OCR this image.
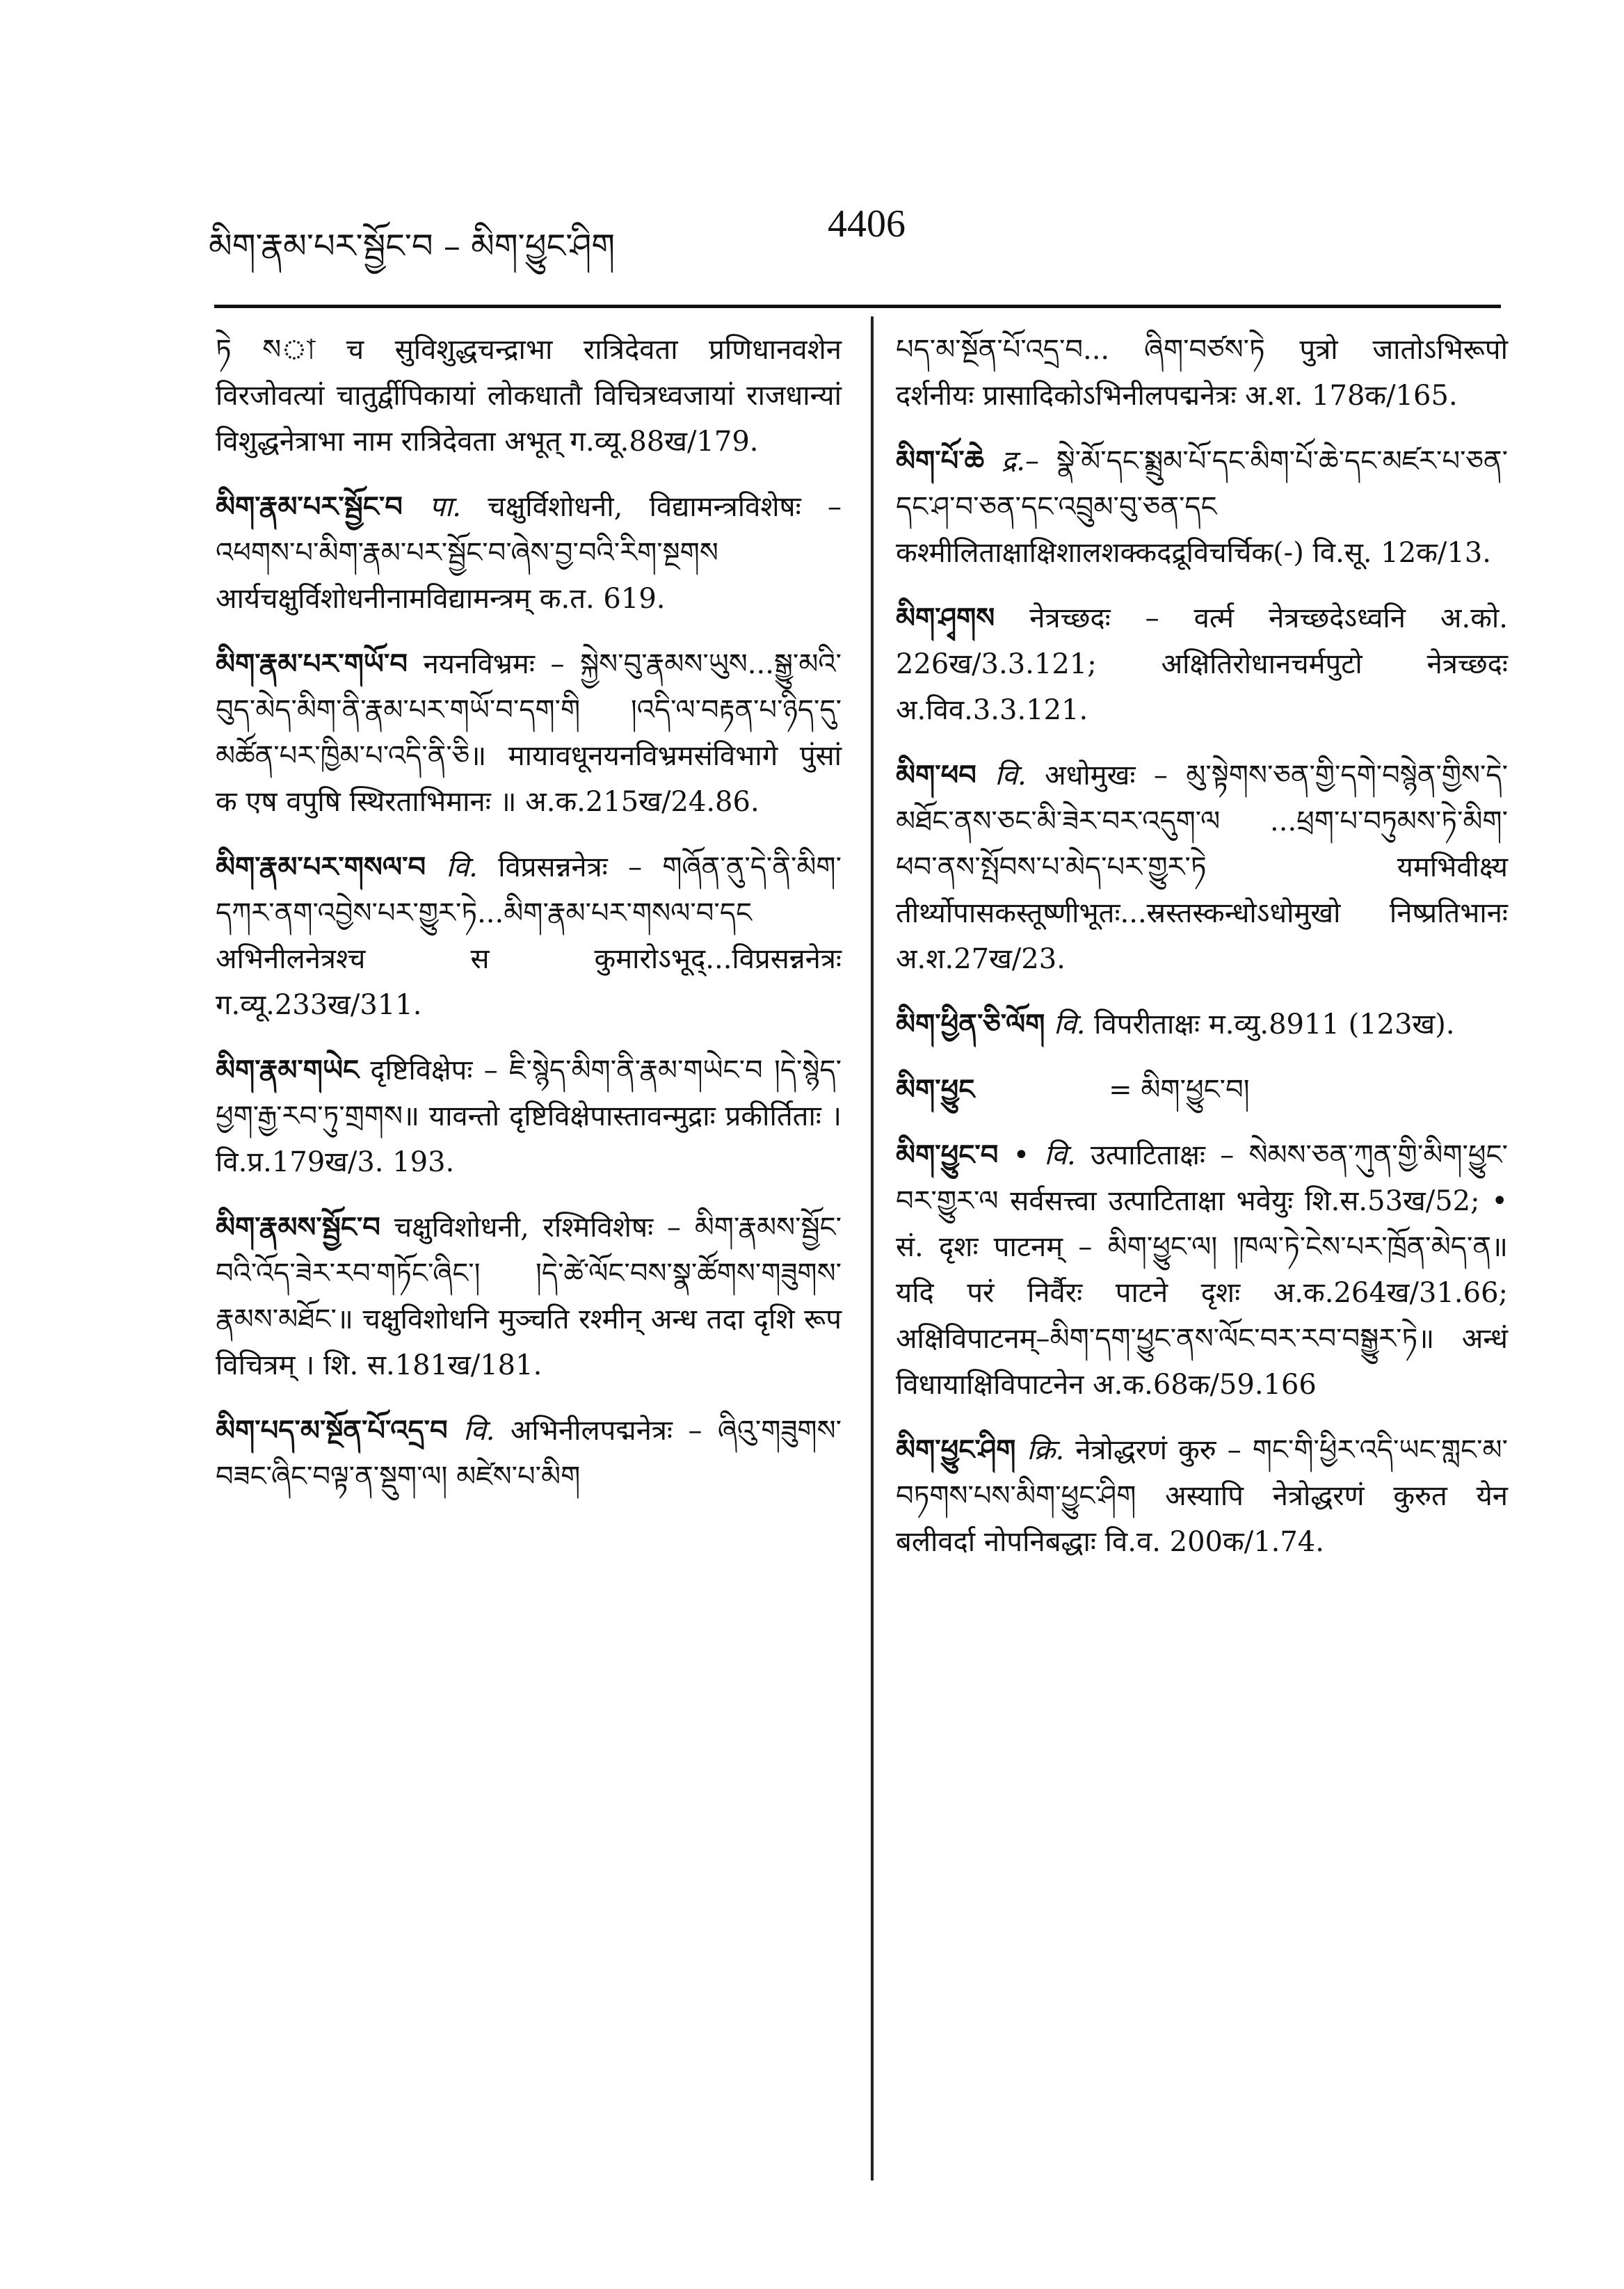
མིག་རྣམ་པར་སྦྱོང་བ – མིག་ཕྱུང་ཤིག
4406
ཏེ སা च सुविशुद्धचन्द्राभा रात्रिदेवता प्रणिधानवशेन विरजोवत्यां चातुर्द्वीपिकायां लोकधातौ विचित्रध्वजायां राजधान्यां विशुद्धनेत्राभा नाम रात्रिदेवता अभूत् ग.व्यू.88ख/179.
མིག་རྣམ་པར་སྦྱོང་བ पा. चक्षुर्विशोधनी, विद्यामन्त्रविशेषः – འཕགས་པ་མིག་རྣམ་པར་སྦྱོང་བ་ཞེས་བྱ་བའི་རིག་སྔགས आर्यचक्षुर्विशोधनीनामविद्यामन्त्रम् क.त. 619.
མིག་རྣམ་པར་གཡོ་བ नयनविभ्रमः – སྐྱེས་བུ་རྣམས་ཡུས...སྒྱུ་མའི་བུད་མེད་མིག་ནི་རྣམ་པར་གཡོ་བ་དག་གི །འདི་ལ་བརྟན་པ་ཉིད་དུ་མཚོན་པར་ཁྱིམ་པ་འདི་ནི་ཅི॥ मायावधूनयनविभ्रमसंविभागे पुंसां क एष वपुषि स्थिरताभिमानः ॥ अ.क.215ख/24.86.
མིག་རྣམ་པར་གསལ་བ वि. विप्रसन्ननेत्रः – གཞོན་ནུ་དེ་ནི་མིག་དཀར་ནག་འབྱེས་པར་གྱུར་ཏེ...མིག་རྣམ་པར་གསལ་བ་དང अभिनीलनेत्रश्च स कुमारोऽभूद्...विप्रसन्ननेत्रः ग.व्यू.233ख/311.
མིག་རྣམ་གཡེང दृष्टिविक्षेपः – ཇི་སྙེད་མིག་ནི་རྣམ་གཡེང་བ །དེ་སྙེད་ཕྱག་རྒྱ་རབ་ཏུ་གྲགས॥ यावन्तो दृष्टिविक्षेपास्तावन्मुद्राः प्रकीर्तिताः । वि.प्र.179ख/3. 193.
མིག་རྣམས་སྦྱོང་བ चक्षुविशोधनी, रश्मिविशेषः – མིག་རྣམས་སྦྱོང་བའི་འོད་ཟེར་རབ་གཏོང་ཞིང་། །དེ་ཚེ་ལོང་བས་སྣ་ཚོགས་གཟུགས་རྣམས་མཐོང་॥ चक्षुविशोधनि मुञ्चति रश्मीन् अन्ध तदा दृशि रूप विचित्रम् । शि. स.181ख/181.
མིག་པད་མ་སྔོན་པོ་འདྲ་བ वि. अभिनीलपद्मनेत्रः – ཞིའུ་གཟུགས་བཟང་ཞིང་བལྟ་ན་སྡུག་ལ། མཛེས་པ་མིག
པད་མ་སྔོན་པོ་འདྲ་བ... ཞིག་བཙས་ཏེ पुत्रो जातोऽभिरूपो दर्शनीयः प्रासादिकोऽभिनीलपद्मनेत्रः अ.श. 178क/165.
མིག་པོ་ཆེ द्र.– སྣེ་མོ་དང་སྨྲུམ་པོ་དང་མིག་པོ་ཆེ་དང་མཛར་པ་ཅན་དང་ཤ་བ་ཅན་དང་འབྲུམ་བུ་ཅན་དང कश्मीलिताक्षाक्षिशालशक्कदद्रूविचर्चिक(-) वि.सू. 12क/13.
མིག་ཤྭགས नेत्रच्छदः – वर्त्म नेत्रच्छदेऽध्वनि अ.को. 226ख/3.3.121; अक्षितिरोधानचर्मपुटो नेत्रच्छदः अ.विव.3.3.121.
མིག་ཕབ वि. अधोमुखः – མུ་སྟེགས་ཅན་གྱི་དགེ་བསྙེན་གྱིས་དེ་མཐོང་ནས་ཅང་མི་ཟེར་བར་འདུག་ལ ...ཕྲག་པ་བཏུམས་ཏེ་མིག་ཕབ་ནས་སྤོབས་པ་མེད་པར་གྱུར་ཏེ यमभिवीक्ष्य तीर्थ्योपासकस्तूष्णीभूतः...स्रस्तस्कन्धोऽधोमुखो निष्प्रतिभानः अ.श.27ख/23.
མིག་ཕྱིན་ཅི་ལོག वि. विपरीताक्षः म.व्यु.8911 (123ख).
མིག་ཕྱུང	= མིག་ཕྱུང་བ།
མིག་ཕྱུང་བ • वि. उत्पाटिताक्षः – སེམས་ཅན་ཀུན་གྱི་མིག་ཕྱུང་བར་གྱུར་ལ सर्वसत्त्वा उत्पाटिताक्षा भवेयुः शि.स.53ख/52; • सं. दृशः पाटनम् – མིག་ཕྱུང་ལ། །ཁལ་ཏེ་ངེས་པར་ཁྲོན་མེད་ན॥ यदि परं निर्वैरः पाटने दृशः अ.क.264ख/31.66; अक्षिविपाटनम्–མིག་དག་ཕྱུང་ནས་ལོང་བར་རབ་བསྒྱུར་ཏེ॥ अन्धं विधायाक्षिविपाटनेन अ.क.68क/59.166
མིག་ཕྱུང་ཤིག क्रि. नेत्रोद्धरणं कुरु – གང་གི་ཕྱིར་འདི་ཡང་གླང་མ་བཏགས་པས་མིག་ཕྱུང་ཤིག अस्यापि नेत्रोद्धरणं कुरुत येन बलीवर्दा नोपनिबद्धाः वि.व. 200क/1.74.
